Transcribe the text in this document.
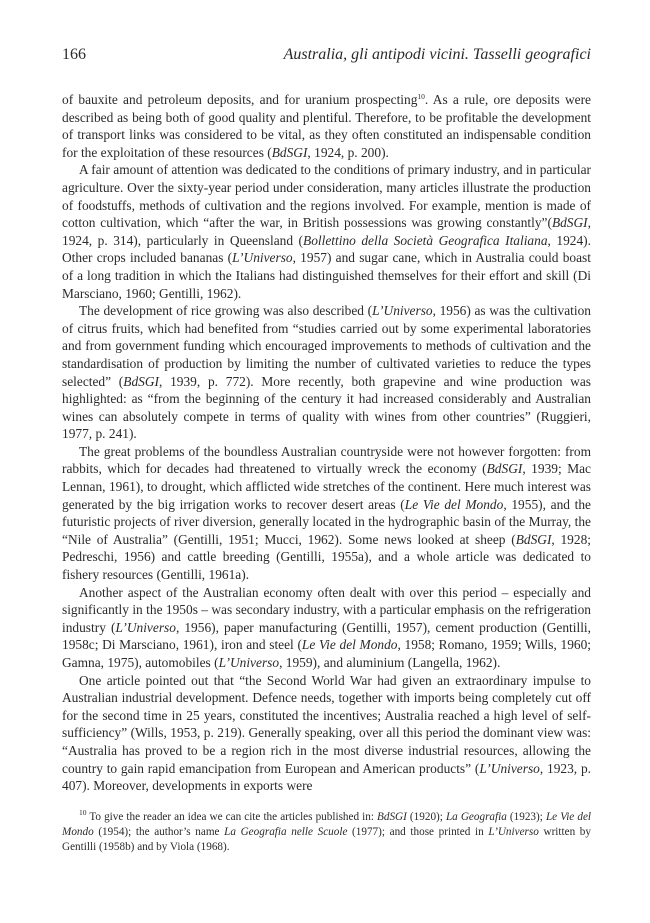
166	Australia, gli antipodi vicini. Tasselli geografici

of bauxite and petroleum deposits, and for uranium prospecting$^{10}$. As a rule, ore deposits were described as being both of good quality and plentiful. Therefore, to be profitable the development of transport links was considered to be vital, as they often constituted an indispensable condition for the exploitation of these resources (BdSGI, 1924, p. 200).

A fair amount of attention was dedicated to the conditions of primary industry, and in particular agriculture. Over the sixty-year period under consideration, many articles illustrate the production of foodstuffs, methods of cultivation and the regions involved. For example, mention is made of cotton cultivation, which “after the war, in British possessions was growing constantly”(BdSGI, 1924, p. 314), particularly in Queensland (Bollettino della Società Geografica Italiana, 1924). Other crops included bananas (L’Universo, 1957) and sugar cane, which in Australia could boast of a long tradition in which the Italians had distinguished themselves for their effort and skill (Di Marsciano, 1960; Gentilli, 1962).

The development of rice growing was also described (L’Universo, 1956) as was the cultivation of citrus fruits, which had benefited from “studies carried out by some experimental laboratories and from government funding which encouraged improvements to methods of cultivation and the standardisation of production by limiting the number of cultivated varieties to reduce the types selected” (BdSGI, 1939, p. 772). More recently, both grapevine and wine production was highlighted: as “from the beginning of the century it had increased considerably and Australian wines can absolutely compete in terms of quality with wines from other countries” (Ruggieri, 1977, p. 241).

The great problems of the boundless Australian countryside were not however forgotten: from rabbits, which for decades had threatened to virtually wreck the economy (BdSGI, 1939; Mac Lennan, 1961), to drought, which afflicted wide stretches of the continent. Here much interest was generated by the big irrigation works to recover desert areas (Le Vie del Mondo, 1955), and the futuristic projects of river diversion, generally located in the hydrographic basin of the Murray, the “Nile of Australia” (Gentilli, 1951; Mucci, 1962). Some news looked at sheep (BdSGI, 1928; Pedreschi, 1956) and cattle breeding (Gentilli, 1955a), and a whole article was dedicated to fishery resources (Gentilli, 1961a).

Another aspect of the Australian economy often dealt with over this period – especially and significantly in the 1950s – was secondary industry, with a particular emphasis on the refrigeration industry (L’Universo, 1956), paper manufacturing (Gentilli, 1957), cement production (Gentilli, 1958c; Di Marsciano, 1961), iron and steel (Le Vie del Mondo, 1958; Romano, 1959; Wills, 1960; Gamna, 1975), automobiles (L’Universo, 1959), and aluminium (Langella, 1962).

One article pointed out that “the Second World War had given an extraordinary impulse to Australian industrial development. Defence needs, together with imports being completely cut off for the second time in 25 years, constituted the incentives; Australia reached a high level of self-sufficiency” (Wills, 1953, p. 219). Generally speaking, over all this period the dominant view was: “Australia has proved to be a region rich in the most diverse industrial resources, allowing the country to gain rapid emancipation from European and American products” (L’Universo, 1923, p. 407). Moreover, developments in exports were

$^{10}$ To give the reader an idea we can cite the articles published in: BdSGI (1920); La Geografia (1923); Le Vie del Mondo (1954); the author’s name La Geografia nelle Scuole (1977); and those printed in L’Universo written by Gentilli (1958b) and by Viola (1968).
